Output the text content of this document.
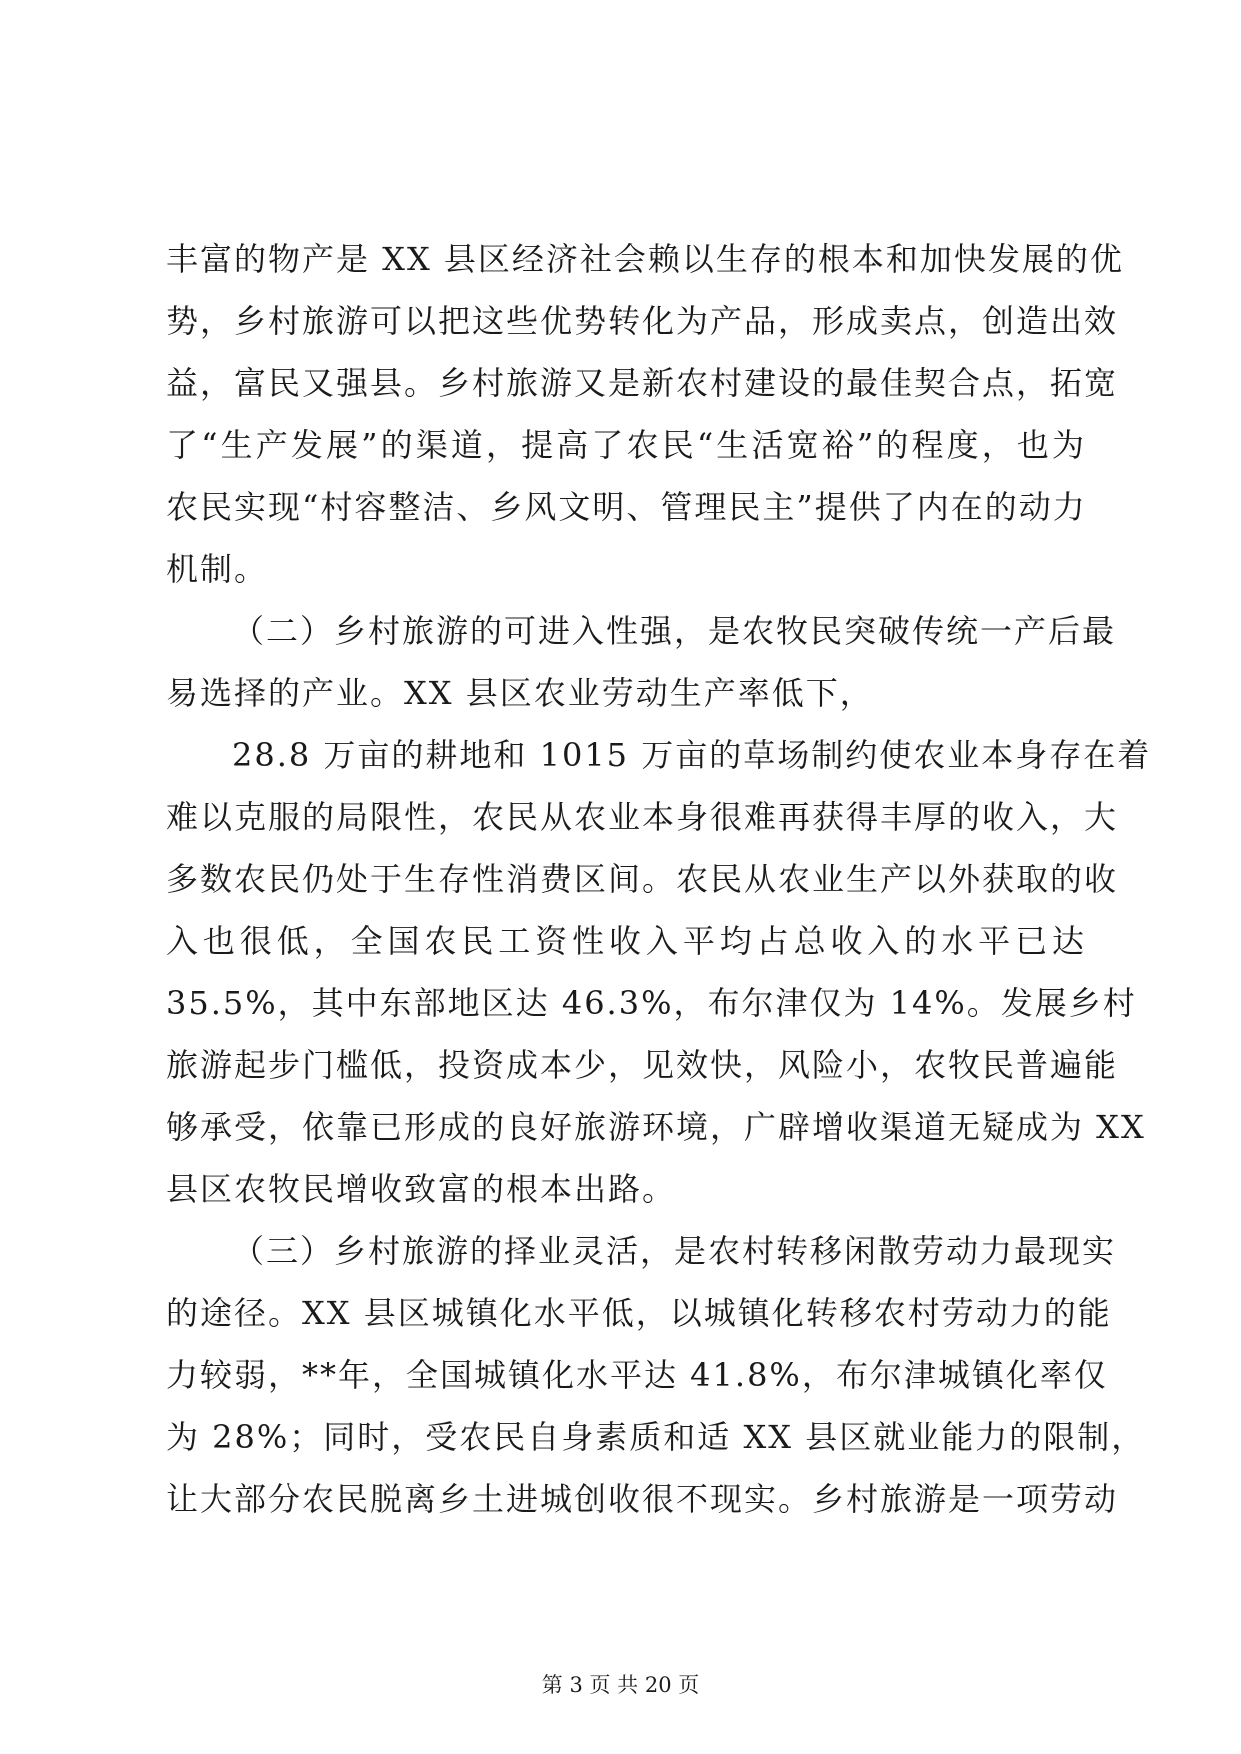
丰富的物产是 XX 县区经济社会赖以生存的根本和加快发展的优
势，乡村旅游可以把这些优势转化为产品，形成卖点，创造出效
益，富民又强县。乡村旅游又是新农村建设的最佳契合点，拓宽
了“生产发展”的渠道，提高了农民“生活宽裕”的程度，也为
农民实现“村容整洁、乡风文明、管理民主”提供了内在的动力
机制。
（二）乡村旅游的可进入性强，是农牧民突破传统一产后最
易选择的产业。XX 县区农业劳动生产率低下，
28.8 万亩的耕地和 1015 万亩的草场制约使农业本身存在着
难以克服的局限性，农民从农业本身很难再获得丰厚的收入，大
多数农民仍处于生存性消费区间。农民从农业生产以外获取的收
入也很低，全国农民工资性收入平均占总收入的水平已达
35.5%，其中东部地区达 46.3%，布尔津仅为 14%。发展乡村
旅游起步门槛低，投资成本少，见效快，风险小，农牧民普遍能
够承受，依靠已形成的良好旅游环境，广辟增收渠道无疑成为 XX
县区农牧民增收致富的根本出路。
（三）乡村旅游的择业灵活，是农村转移闲散劳动力最现实
的途径。XX 县区城镇化水平低，以城镇化转移农村劳动力的能
力较弱，**年，全国城镇化水平达 41.8%，布尔津城镇化率仅
为 28%；同时，受农民自身素质和适 XX 县区就业能力的限制，
让大部分农民脱离乡土进城创收很不现实。乡村旅游是一项劳动
第 3 页 共 20 页
